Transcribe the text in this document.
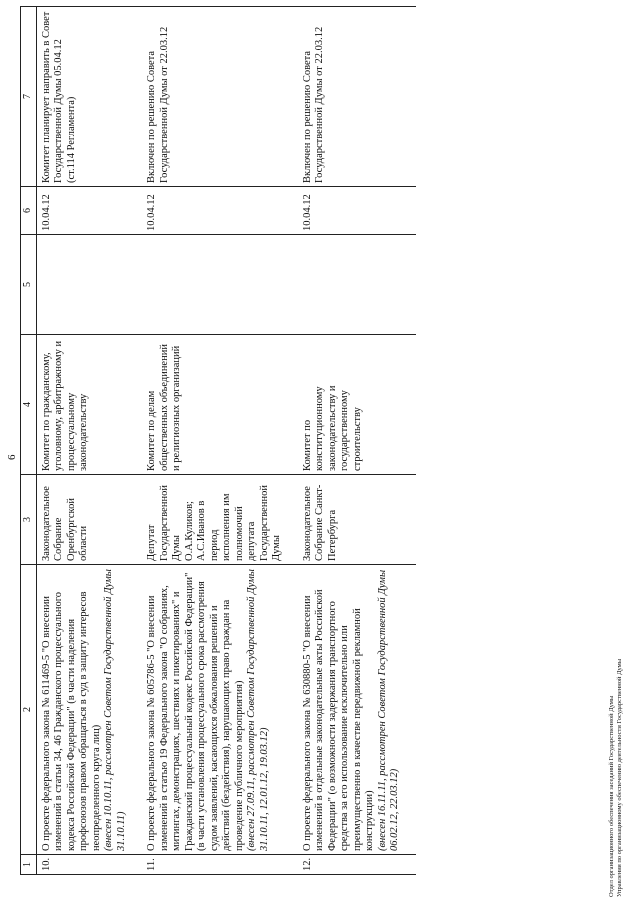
6
1	2	3	4	5	6	7
10.	О проекте федерального закона № 611469-5 "О внесении изменений в статьи 34, 46 Гражданского процессуального кодекса Российской Федерации" (в части наделения профсоюзов правом обращаться в суд в защиту интересов неопределенного круга лиц) (внесен 10.10.11, рассмотрен Советом Государственной Думы 31.10.11)	Законодательное Собрание Оренбургской области	Комитет по гражданскому, уголовному, арбитражному и процессуальному законодательству		10.04.12	Комитет планирует направить в Совет Государственной Думы 05.04.12 (ст.114 Регламента)
11.	О проекте федерального закона № 605786-5 "О внесении изменений в статью 19 Федерального закона "О собраниях, митингах, демонстрациях, шествиях и пикетированиях" и Гражданский процессуальный кодекс Российской Федерации" (в части установления процессуального срока рассмотрения судом заявлений, касающихся обжалования решений и действий (бездействия), нарушающих право граждан на проведение публичного мероприятия) (внесен 27.09.11, рассмотрен Советом Государственной Думы 31.10.11, 12.01.12, 19.03.12)	Депутат Государственной Думы О.А.Куликов; А.С.Иванов в период исполнения им полномочий депутата Государственной Думы	Комитет по делам общественных объединений и религиозных организаций		10.04.12	Включен по решению Совета Государственной Думы от 22.03.12
12.	О проекте федерального закона № 630880-5 "О внесении изменений в отдельные законодательные акты Российской Федерации" (о возможности задержания транспортного средства за его использование исключительно или преимущественно в качестве передвижной рекламной конструкции) (внесен 16.11.11, рассмотрен Советом Государственной Думы 06.02.12, 22.03.12)	Законодательное Собрание Санкт-Петербурга	Комитет по конституционному законодательству и государственному строительству		10.04.12	Включен по решению Совета Государственной Думы от 22.03.12
Отдел организационного обеспечения заседаний Государственной Думы Управления по организационному обеспечению деятельности Государственной Думы
